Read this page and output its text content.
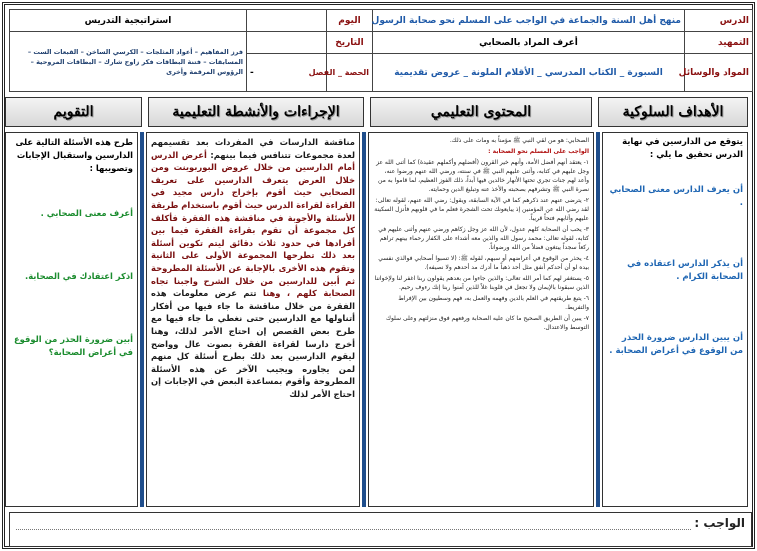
الدرس	منهج أهل السنة والجماعة في الواجب على المسلم نحو صحابة الرسول	اليوم		استراتيجية التدريس
التمهيد	أعرف المراد بالصحابي	التاريخ		فرز المفاهيم – أعواد المثلجات – الكرسي الساخن – القبعات الست – المسابقات – فتنة البطاقات فكر زاوج شارك – البطاقات المروحية – الرؤوس المرقمة وأخرى
المواد والوسائل	السبورة _ الكتاب المدرسي _ الأقلام الملونة _ عروض تقديمية	الحصة _ الفصل	-	
الأهداف السلوكية
المحتوى التعليمي
الإجراءات والأنشطة التعليمية
التقويم
يتوقع من الدارسين في نهاية الدرس تحقيق ما يلي :
أن يعرف الدارس معنى الصحابي .
أن يذكر الدارس اعتقاده في الصحابة الكرام .
أن يبين الدارس ضرورة الحذر من الوقوع في أعراض الصحابة .

الصحابي: هو من لقي النبي ﷺ مؤمناً به ومات على ذلك.

الواجب على المسلم نحو الصحابة :

١- يعتقد أنهم أفضل الأمة، وأنهم خير القرون (أفضلهم وأكملهم عقيدة) كما أثنى الله عز وجل عليهم في كتابه، وأثنى عليهم النبي ﷺ في سنته، ورضي الله عنهم ورضوا عنه، وأعد لهم جنات تجري تحتها الأنهار خالدين فيها أبداً، ذلك الفوز العظيم، لما قاموا به من نصرة النبي ﷺ وتشرفهم بصحبته والأخذ عنه وتبليغ الدين وحمايته.

٢- يترضى عنهم عند ذكرهم كما في الآية السابقة، ويقول: رضي الله عنهم، لقوله تعالى: لقد رضي الله عن المؤمنين إذ يبايعونك تحت الشجرة فعلم ما في قلوبهم فأنزل السكينة عليهم وأثابهم فتحاً قريباً.

٣- يحب أن الصحابة كلهم عدول، لأن الله عز وجل زكاهم ورضي عنهم وأثنى عليهم في كتابه، لقوله تعالى: محمد رسول الله والذين معه أشداء على الكفار رحماء بينهم تراهم ركعاً سجداً يبتغون فضلاً من الله ورضواناً.

٤- يحذر من الوقوع في أعراضهم أو سبهم، لقوله ﷺ: (لا تسبوا أصحابي فوالذي نفسي بيده لو أن أحدكم أنفق مثل أحد ذهباً ما أدرك مد أحدهم ولا نصيفه).

٥- يستغفر لهم كما أمر الله تعالى: والذين جاءوا من بعدهم يقولون ربنا اغفر لنا ولإخواننا الذين سبقونا بالإيمان ولا تجعل في قلوبنا غلاً للذين آمنوا ربنا إنك رءوف رحيم.

٦- يتبع طريقتهم في العلم بالدين وفهمه والعمل به، فهم وسطيون بين الإفراط والتفريط.

٧- يبين أن الطريق الصحيح ما كان عليه الصحابة ورفعهم فوق منزلتهم وعلى سلوك التوسط والاعتدال.

مناقشة الدارسات في المفردات بعد تقسيمهم لعدة مجموعات تتنافس فيما بينهم: أعرض الدرس أمام الدارسين من خلال عروض البوربوينت ومن خلال العرض يتعرف الدارسين على تعريف الصحابي حيث أقوم بإخراج دارس مجيد في القراءة لقراءة الدرس حيث أقوم باستخدام طريقة الأسئلة والأجوبة في مناقشة هذه الفقرة فأكلف كل مجموعة أن تقوم بقراءة الفقرة فيما بين أفرادها في حدود ثلاث دقائق ليتم تكوين أسئلة بعد ذلك تطرحها المجموعة الأولى على الثانية وتقوم هذه الأخرى بالإجابة عن الأسئلة المطروحة ثم أبين للدارسين من خلال الشرح واجبنا تجاه الصحابة كلهم ، وهنا تتم عرض معلومات هذه الفقرة من خلال مناقشة ما جاء فيها من أفكار أتناولها مع الدارسين حتى نغطي ما جاء فيها مع طرح بعض القصص إن احتاج الأمر لذلك، وهنا أخرج دارسا لقراءة الفقرة بصوت عال وواضح ليقوم الدارسين بعد ذلك بطرح أسئلة كل منهم لمن يجاوره ويجيب الآخر عن هذه الأسئلة المطروحة وأقوم بمساعدة البعض في الإجابات إن احتاج الأمر لذلك
طرح هذه الأسئلة التالية على الدارسين واستقبال الإجابات وتصويبها :
أعرف معنى الصحابي .
اذكر اعتقادك في الصحابة.
أبين ضرورة الحذر من الوقوع في أعراض الصحابة؟
الواجب :
